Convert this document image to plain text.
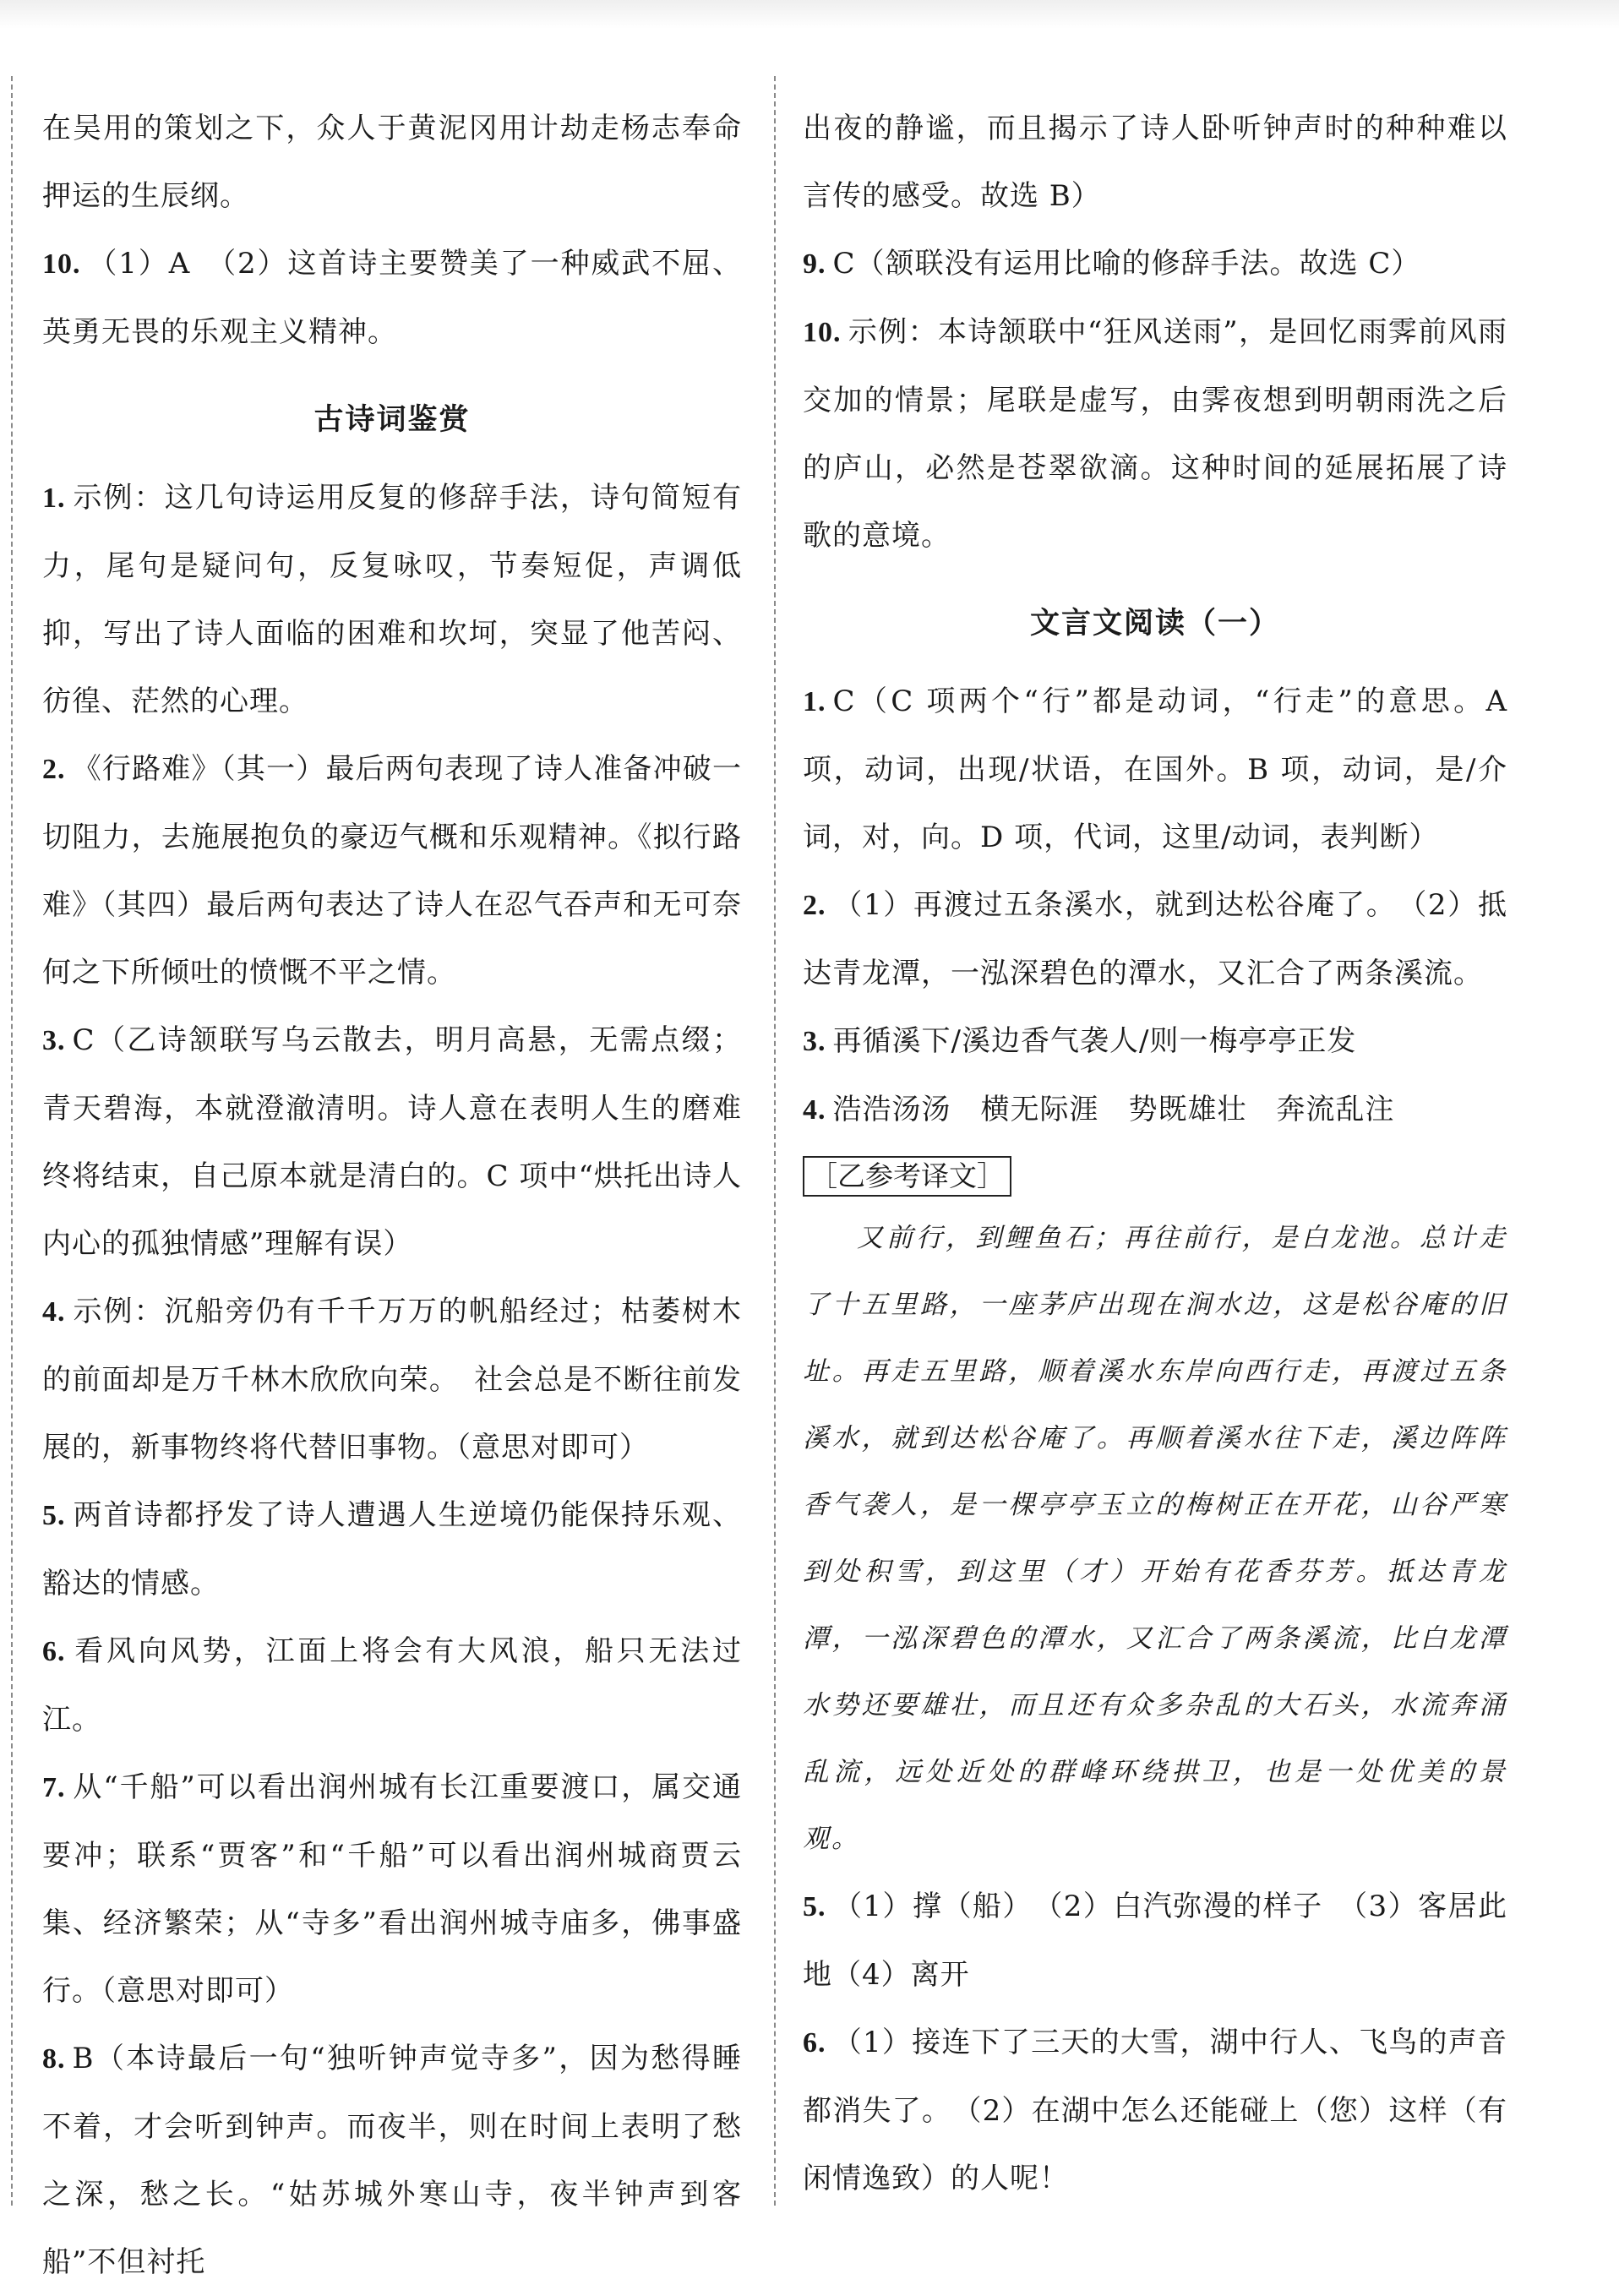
在吴用的策划之下，众人于黄泥冈用计劫走杨志奉命押运的生辰纲。

10. （1）A　（2）这首诗主要赞美了一种威武不屈、英勇无畏的乐观主义精神。

古诗词鉴赏

1. 示例：这几句诗运用反复的修辞手法，诗句简短有力，尾句是疑问句，反复咏叹，节奏短促，声调低抑，写出了诗人面临的困难和坎坷，突显了他苦闷、彷徨、茫然的心理。

2. 《行路难》（其一）最后两句表现了诗人准备冲破一切阻力，去施展抱负的豪迈气概和乐观精神。《拟行路难》（其四）最后两句表达了诗人在忍气吞声和无可奈何之下所倾吐的愤慨不平之情。

3. C（乙诗颔联写乌云散去，明月高悬，无需点缀；青天碧海，本就澄澈清明。诗人意在表明人生的磨难终将结束，自己原本就是清白的。C 项中“烘托出诗人内心的孤独情感”理解有误）

4. 示例：沉船旁仍有千千万万的帆船经过；枯萎树木的前面却是万千林木欣欣向荣。　社会总是不断往前发展的，新事物终将代替旧事物。（意思对即可）

5. 两首诗都抒发了诗人遭遇人生逆境仍能保持乐观、豁达的情感。

6. 看风向风势，江面上将会有大风浪，船只无法过江。

7. 从“千船”可以看出润州城有长江重要渡口，属交通要冲；联系“贾客”和“千船”可以看出润州城商贾云集、经济繁荣；从“寺多”看出润州城寺庙多，佛事盛行。（意思对即可）

8. B（本诗最后一句“独听钟声觉寺多”，因为愁得睡不着，才会听到钟声。而夜半，则在时间上表明了愁之深，愁之长。“姑苏城外寒山寺，夜半钟声到客船”不但衬托

出夜的静谧，而且揭示了诗人卧听钟声时的种种难以言传的感受。故选 B）

9. C（颔联没有运用比喻的修辞手法。故选 C）

10. 示例：本诗颔联中“狂风送雨”，是回忆雨霁前风雨交加的情景；尾联是虚写，由霁夜想到明朝雨洗之后的庐山，必然是苍翠欲滴。这种时间的延展拓展了诗歌的意境。

文言文阅读（一）

1. C（C 项两个“行”都是动词，“行走”的意思。A 项，动词，出现/状语，在国外。B 项，动词，是/介词，对，向。D 项，代词，这里/动词，表判断）

2. （1）再渡过五条溪水，就到达松谷庵了。　（2）抵达青龙潭，一泓深碧色的潭水，又汇合了两条溪流。

3. 再循溪下/溪边香气袭人/则一梅亭亭正发

4. 浩浩汤汤　横无际涯　势既雄壮　奔流乱注

［乙参考译文］

又前行，到鲤鱼石；再往前行，是白龙池。总计走了十五里路，一座茅庐出现在涧水边，这是松谷庵的旧址。再走五里路，顺着溪水东岸向西行走，再渡过五条溪水，就到达松谷庵了。再顺着溪水往下走，溪边阵阵香气袭人，是一棵亭亭玉立的梅树正在开花，山谷严寒到处积雪，到这里（才）开始有花香芬芳。抵达青龙潭，一泓深碧色的潭水，又汇合了两条溪流，比白龙潭水势还要雄壮，而且还有众多杂乱的大石头，水流奔涌乱流，远处近处的群峰环绕拱卫，也是一处优美的景观。

5. （1）撑（船）　（2）白汽弥漫的样子　（3）客居此地（4）离开

6. （1）接连下了三天的大雪，湖中行人、飞鸟的声音都消失了。　（2）在湖中怎么还能碰上（您）这样（有闲情逸致）的人呢！
